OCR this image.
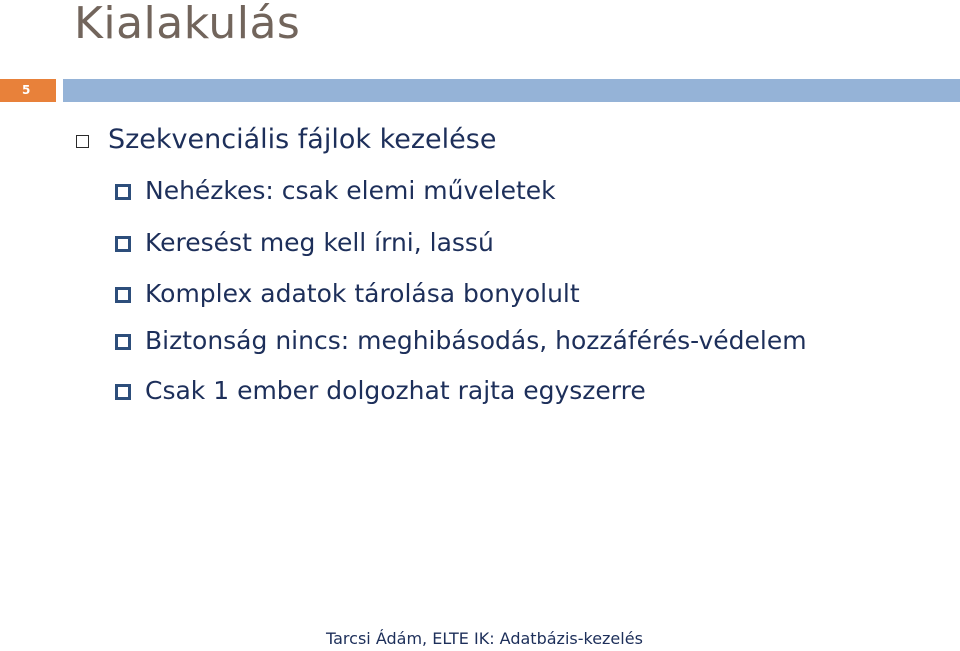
Kialakulás
5
Szekvenciális fájlok kezelése
Nehézkes: csak elemi műveletek
Keresést meg kell írni, lassú
Komplex adatok tárolása bonyolult
Biztonság nincs: meghibásodás, hozzáférés-védelem
Csak 1 ember dolgozhat rajta egyszerre
Tarcsi Ádám, ELTE IK: Adatbázis-kezelés
